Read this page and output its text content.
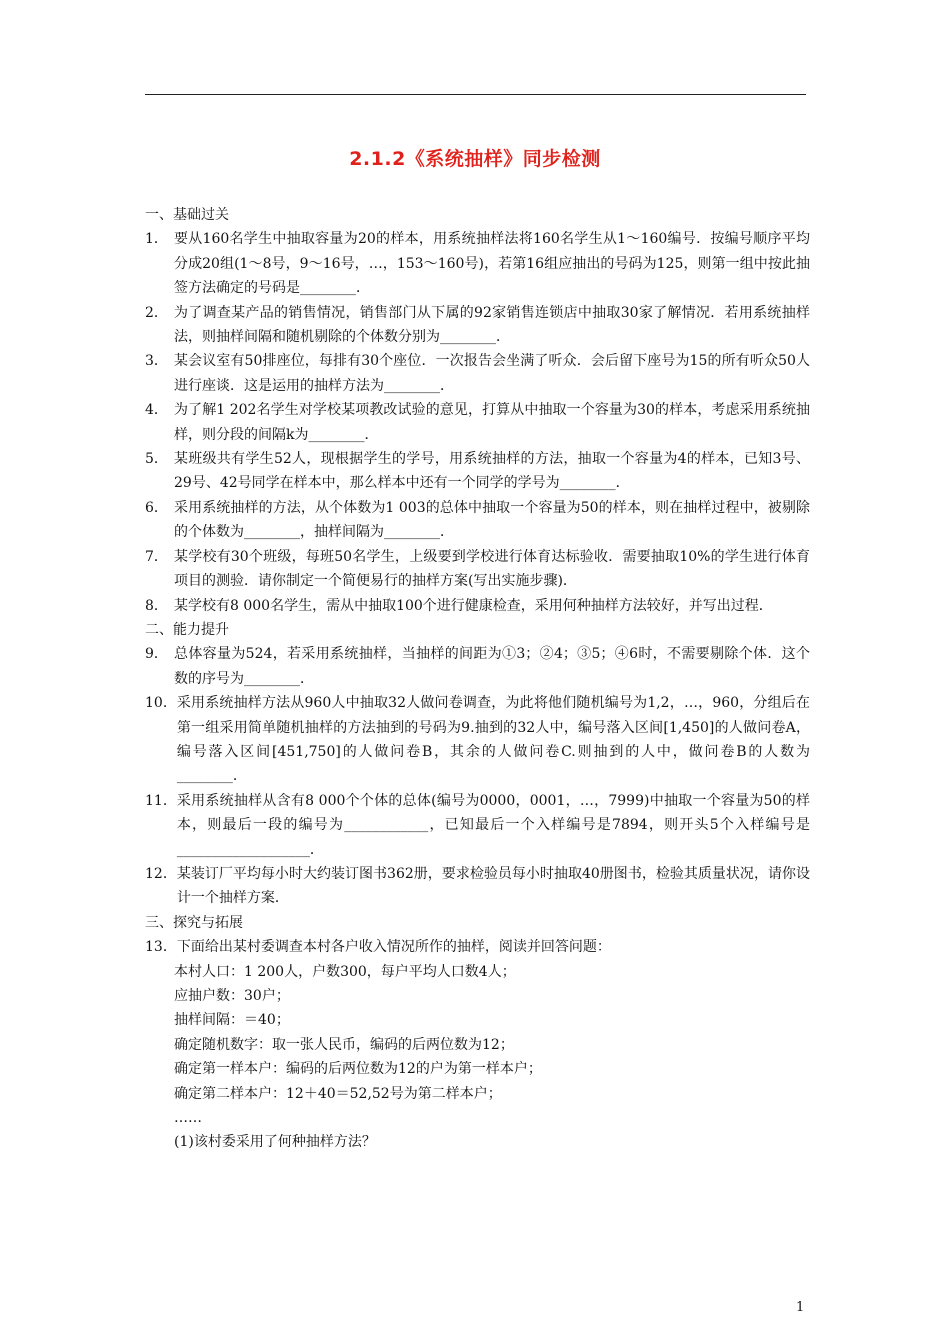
2.1.2《系统抽样》同步检测
一、基础过关
1． 要从160名学生中抽取容量为20的样本，用系统抽样法将160名学生从1～160编号．按编号顺序平均分成20组(1～8号，9～16号，…，153～160号)，若第16组应抽出的号码为125，则第一组中按此抽签方法确定的号码是________．
2． 为了调查某产品的销售情况，销售部门从下属的92家销售连锁店中抽取30家了解情况．若用系统抽样法，则抽样间隔和随机剔除的个体数分别为________．
3． 某会议室有50排座位，每排有30个座位．一次报告会坐满了听众．会后留下座号为15的所有听众50人进行座谈．这是运用的抽样方法为________．
4． 为了解1 202名学生对学校某项教改试验的意见，打算从中抽取一个容量为30的样本，考虑采用系统抽样，则分段的间隔k为________．
5． 某班级共有学生52人，现根据学生的学号，用系统抽样的方法，抽取一个容量为4的样本，已知3号、29号、42号同学在样本中，那么样本中还有一个同学的学号为________．
6． 采用系统抽样的方法，从个体数为1 003的总体中抽取一个容量为50的样本，则在抽样过程中，被剔除的个体数为________，抽样间隔为________．
7． 某学校有30个班级，每班50名学生，上级要到学校进行体育达标验收．需要抽取10%的学生进行体育项目的测验．请你制定一个简便易行的抽样方案(写出实施步骤)．
8． 某学校有8 000名学生，需从中抽取100个进行健康检查，采用何种抽样方法较好，并写出过程．
二、能力提升
9． 总体容量为524，若采用系统抽样，当抽样的间距为①3；②4；③5；④6时，不需要剔除个体．这个数的序号为________．
10． 采用系统抽样方法从960人中抽取32人做问卷调查，为此将他们随机编号为1,2，…，960，分组后在第一组采用简单随机抽样的方法抽到的号码为9.抽到的32人中，编号落入区间[1,450]的人做问卷A，编号落入区间[451,750]的人做问卷B，其余的人做问卷C.则抽到的人中，做问卷B的人数为________．
11． 采用系统抽样从含有8 000个个体的总体(编号为0000，0001，…，7999)中抽取一个容量为50的样本，则最后一段的编号为____________，已知最后一个入样编号是7894，则开头5个入样编号是___________________．
12． 某装订厂平均每小时大约装订图书362册，要求检验员每小时抽取40册图书，检验其质量状况，请你设计一个抽样方案．
三、探究与拓展
13． 下面给出某村委调查本村各户收入情况所作的抽样，阅读并回答问题：
本村人口：1 200人，户数300，每户平均人口数4人；
应抽户数：30户；
抽样间隔：＝40；
确定随机数字：取一张人民币，编码的后两位数为12；
确定第一样本户：编码的后两位数为12的户为第一样本户；
确定第二样本户：12＋40＝52,52号为第二样本户；
……
(1)该村委采用了何种抽样方法？
1
